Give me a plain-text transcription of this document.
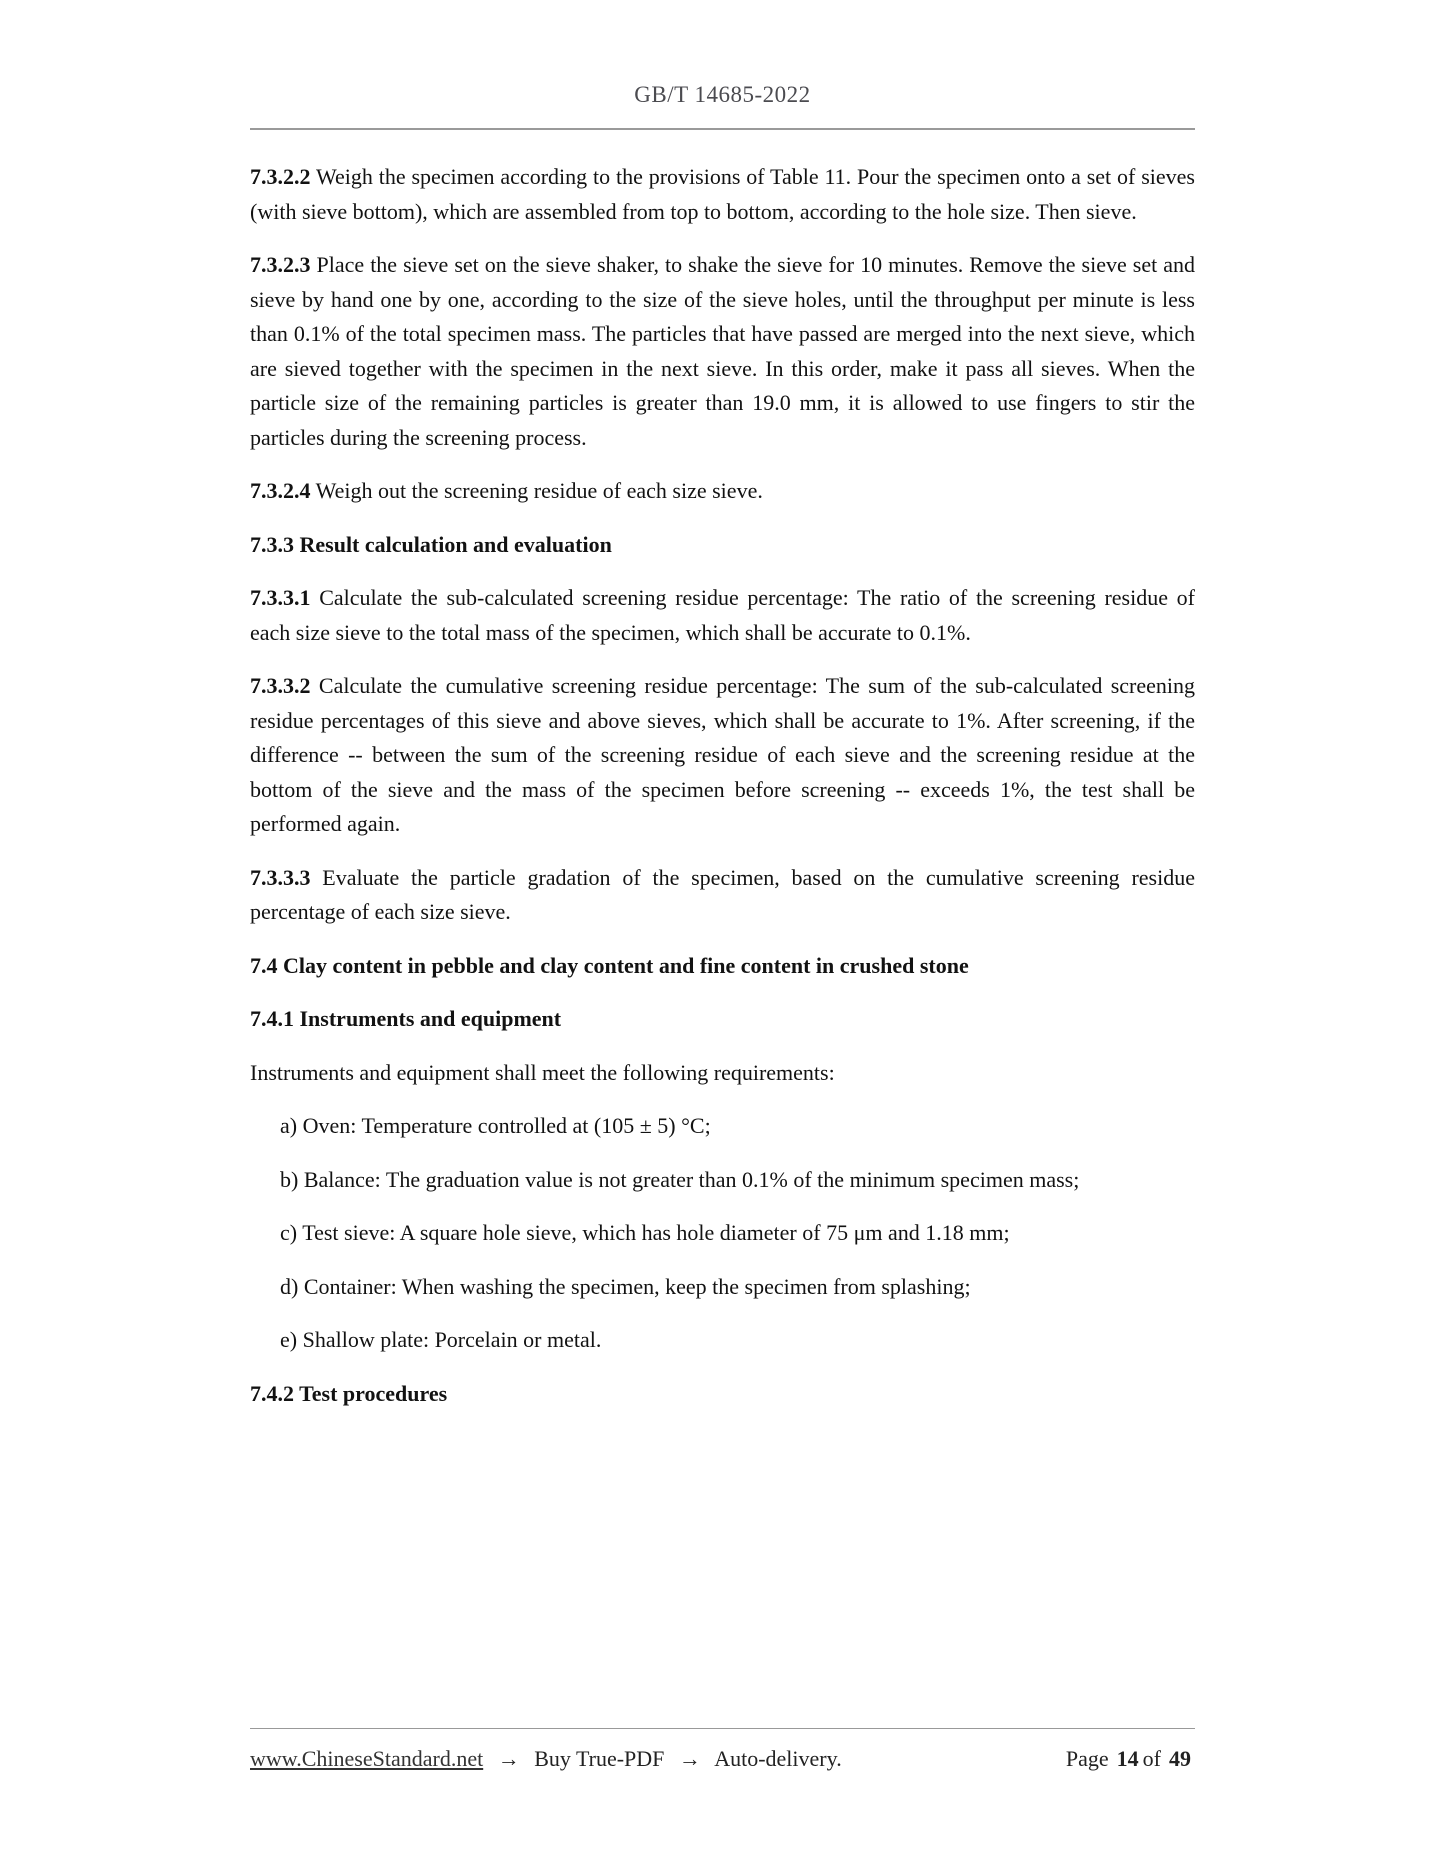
GB/T 14685-2022

7.3.2.2 Weigh the specimen according to the provisions of Table 11. Pour the specimen onto a set of sieves (with sieve bottom), which are assembled from top to bottom, according to the hole size. Then sieve.

7.3.2.3 Place the sieve set on the sieve shaker, to shake the sieve for 10 minutes. Remove the sieve set and sieve by hand one by one, according to the size of the sieve holes, until the throughput per minute is less than 0.1% of the total specimen mass. The particles that have passed are merged into the next sieve, which are sieved together with the specimen in the next sieve. In this order, make it pass all sieves. When the particle size of the remaining particles is greater than 19.0 mm, it is allowed to use fingers to stir the particles during the screening process.

7.3.2.4 Weigh out the screening residue of each size sieve.

7.3.3 Result calculation and evaluation

7.3.3.1 Calculate the sub-calculated screening residue percentage: The ratio of the screening residue of each size sieve to the total mass of the specimen, which shall be accurate to 0.1%.

7.3.3.2 Calculate the cumulative screening residue percentage: The sum of the sub-calculated screening residue percentages of this sieve and above sieves, which shall be accurate to 1%. After screening, if the difference -- between the sum of the screening residue of each sieve and the screening residue at the bottom of the sieve and the mass of the specimen before screening -- exceeds 1%, the test shall be performed again.

7.3.3.3 Evaluate the particle gradation of the specimen, based on the cumulative screening residue percentage of each size sieve.

7.4 Clay content in pebble and clay content and fine content in crushed stone
7.4.1 Instruments and equipment

Instruments and equipment shall meet the following requirements:

a) Oven: Temperature controlled at (105 ± 5) °C;

b) Balance: The graduation value is not greater than 0.1% of the minimum specimen mass;

c) Test sieve: A square hole sieve, which has hole diameter of 75 μm and 1.18 mm;

d) Container: When washing the specimen, keep the specimen from splashing;

e) Shallow plate: Porcelain or metal.

7.4.2 Test procedures
www.ChineseStandard.net → Buy True-PDF → Auto-delivery.	Page 14 of 49
